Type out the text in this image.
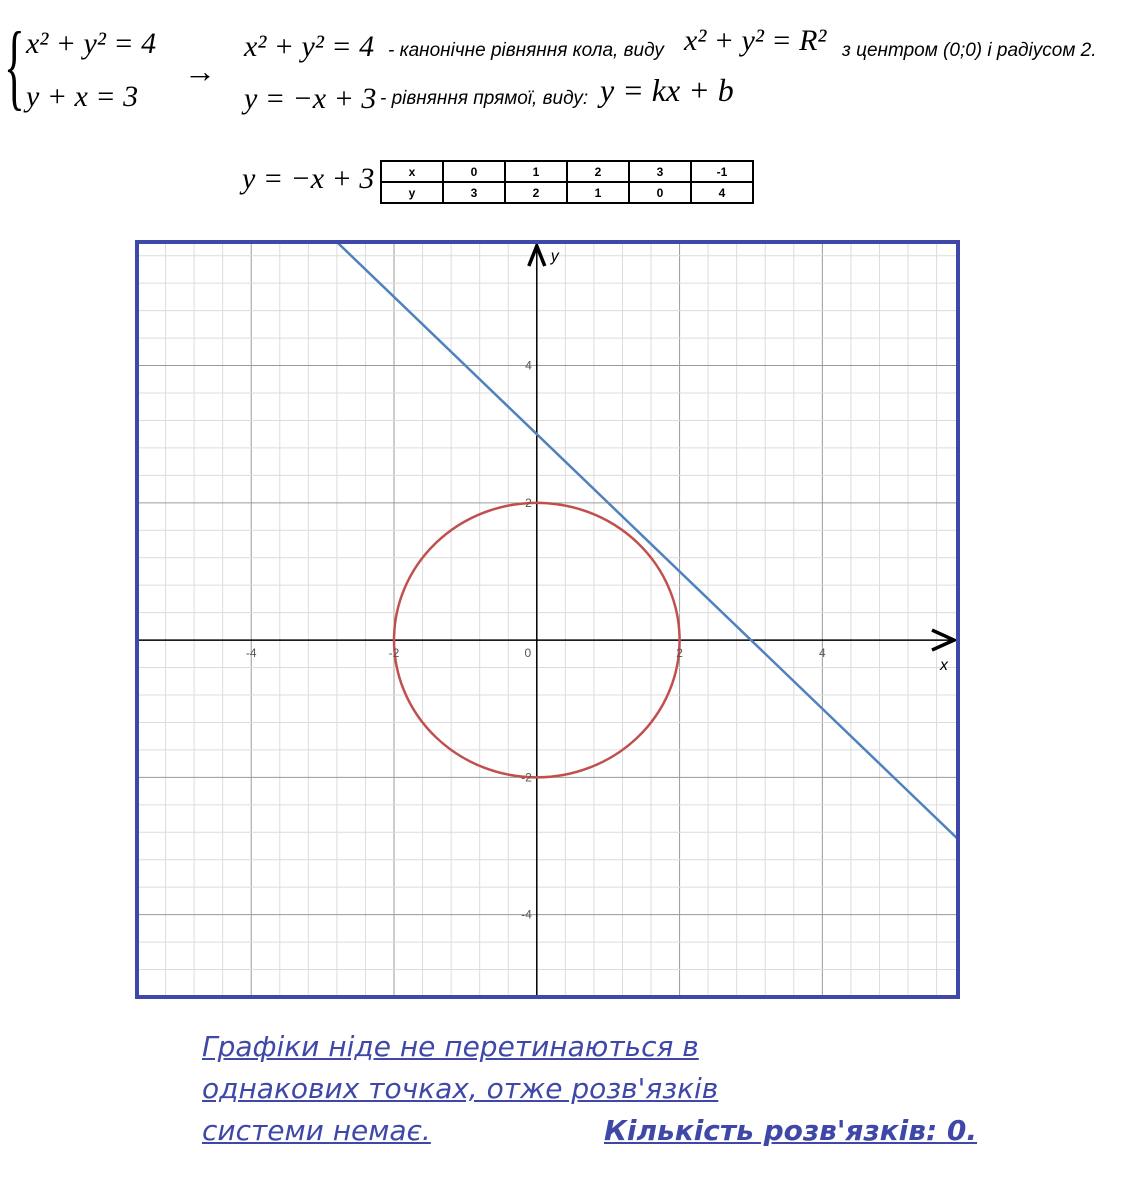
{ x² + y² = 4
y + x = 3
→
x² + y² = 4 - канонічне рівняння кола, виду x² + y² = R² з центром (0;0) і радіусом 2.
y = −x + 3 - рівняння прямої, виду: y = kx + b
y = −x + 3	x	0	1	2	3	-1
y	3	2	1	0	4
-4	-2	0	2	4
4
2
-2
-4
x
y
Графіки ніде не перетинаються в
однакових точках, отже розв'язків
системи немає.	Кількість розв'язків: 0.
